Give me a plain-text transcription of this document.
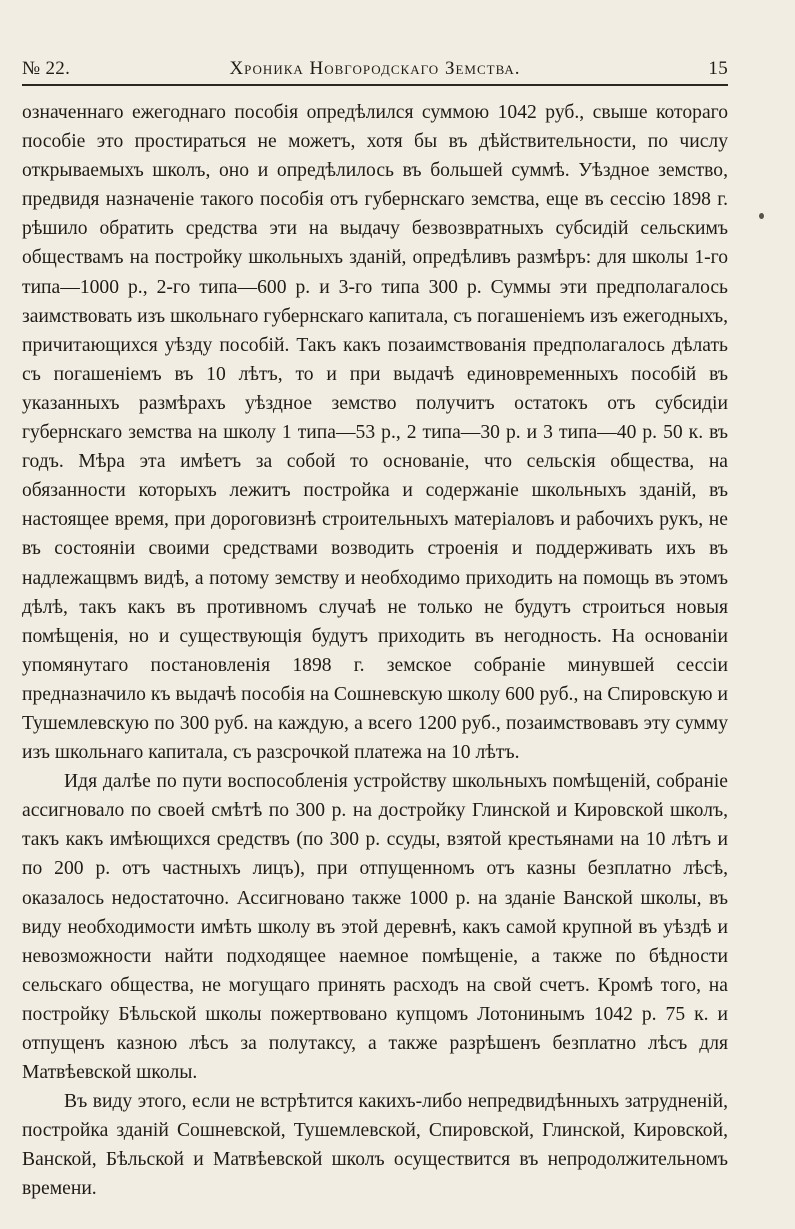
№ 22.	Хроника Новгородскаго Земства.	15

означеннаго ежегоднаго пособія опредѣлился суммою 1042 руб., свыше котораго пособіе это простираться не можетъ, хотя бы въ дѣйствительности, по числу открываемыхъ школъ, оно и опредѣлилось въ большей суммѣ. Уѣздное земство, предвидя назначеніе такого пособія отъ губернскаго земства, еще въ сессію 1898 г. рѣшило обратить средства эти на выдачу безвозвратныхъ субсидій сельскимъ обществамъ на постройку школьныхъ зданій, опредѣливъ размѣръ: для школы 1-го типа—1000 р., 2-го типа—600 р. и 3-го типа 300 р. Суммы эти предполагалось заимствовать изъ школьнаго губернскаго капитала, съ погашеніемъ изъ ежегодныхъ, причитающихся уѣзду пособій. Такъ какъ позаимствованія предполагалось дѣлать съ погашеніемъ въ 10 лѣтъ, то и при выдачѣ единовременныхъ пособій въ указанныхъ размѣрахъ уѣздное земство получитъ остатокъ отъ субсидіи губернскаго земства на школу 1 типа—53 р., 2 типа—30 р. и 3 типа—40 р. 50 к. въ годъ. Мѣра эта имѣетъ за собой то основаніе, что сельскія общества, на обязанности которыхъ лежитъ постройка и содержаніе школьныхъ зданій, въ настоящее время, при дороговизнѣ строительныхъ матеріаловъ и рабочихъ рукъ, не въ состояніи своими средствами возводить строенія и поддерживать ихъ въ надлежащвмъ видѣ, а потому земству и необходимо приходить на помощь въ этомъ дѣлѣ, такъ какъ въ противномъ случаѣ не только не будутъ строиться новыя помѣщенія, но и существующія будутъ приходить въ негодность. На основаніи упомянутаго постановленія 1898 г. земское собраніе минувшей сессіи предназначило къ выдачѣ пособія на Сошневскую школу 600 руб., на Спировскую и Тушемлевскую по 300 руб. на каждую, а всего 1200 руб., позаимствовавъ эту сумму изъ школьнаго капитала, съ разсрочкой платежа на 10 лѣтъ.

Идя далѣе по пути воспособленія устройству школьныхъ помѣщеній, собраніе ассигновало по своей смѣтѣ по 300 р. на достройку Глинской и Кировской школъ, такъ какъ имѣющихся средствъ (по 300 р. ссуды, взятой крестьянами на 10 лѣтъ и по 200 р. отъ частныхъ лицъ), при отпущенномъ отъ казны безплатно лѣсѣ, оказалось недостаточно. Ассигновано также 1000 р. на зданіе Ванской школы, въ виду необходимости имѣть школу въ этой деревнѣ, какъ самой крупной въ уѣздѣ и невозможности найти подходящее наемное помѣщеніе, а также по бѣдности сельскаго общества, не могущаго принять расходъ на свой счетъ. Кромѣ того, на постройку Бѣльской школы пожертвовано купцомъ Лотонинымъ 1042 р. 75 к. и отпущенъ казною лѣсъ за полутаксу, а также разрѣшенъ безплатно лѣсъ для Матвѣевской школы.

Въ виду этого, если не встрѣтится какихъ-либо непредвидѣнныхъ затрудненій, постройка зданій Сошневской, Тушемлевской, Спировской, Глинской, Кировской, Ванской, Бѣльской и Матвѣевской школъ осуществится въ непродолжительномъ времени.
